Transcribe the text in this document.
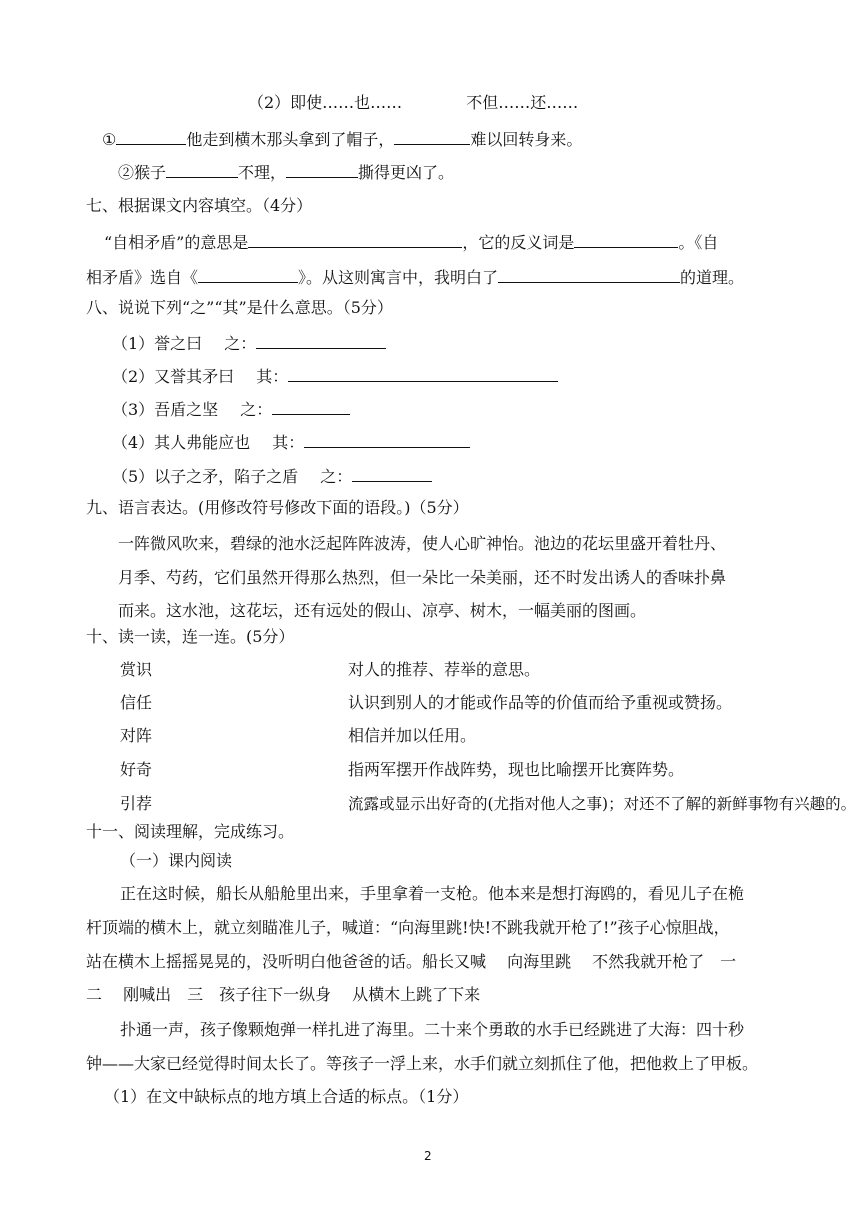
（2）即使……也……	不但……还……
①	他走到横木那头拿到了帽子，	难以回转身来。
②猴子	不理，	撕得更凶了。
七、根据课文内容填空。（4分）
“自相矛盾”的意思是	，它的反义词是	。《自
相矛盾》选自《	》。从这则寓言中，我明白了	的道理。
八、说说下列“之”“其”是什么意思。（5分）
（1）誉之曰 之：
（2）又誉其矛曰 其：
（3）吾盾之坚 之：
（4）其人弗能应也 其：
（5）以子之矛，陷子之盾 之：
九、语言表达。(用修改符号修改下面的语段。)（5分）
一阵微风吹来，碧绿的池水泛起阵阵波涛，使人心旷神怡。池边的花坛里盛开着牡丹、
月季、芍药，它们虽然开得那么热烈，但一朵比一朵美丽，还不时发出诱人的香味扑鼻
而来。这水池，这花坛，还有远处的假山、凉亭、树木，一幅美丽的图画。
十、读一读，连一连。(5分）
赏识	对人的推荐、荐举的意思。
信任	认识到别人的才能或作品等的价值而给予重视或赞扬。
对阵	相信并加以任用。
好奇	指两军摆开作战阵势，现也比喻摆开比赛阵势。
引荐	流露或显示出好奇的(尤指对他人之事)；对还不了解的新鲜事物有兴趣的。
十一、阅读理解，完成练习。
（一）课内阅读
正在这时候，船长从船舱里出来，手里拿着一支枪。他本来是想打海鸥的，看见儿子在桅
杆顶端的横木上，就立刻瞄准儿子，喊道：“向海里跳!快!不跳我就开枪了!”孩子心惊胆战，
站在横木上摇摇晃晃的，没听明白他爸爸的话。船长又喊　 向海里跳　 不然我就开枪了　一
二　 刚喊出　三　孩子往下一纵身　 从横木上跳了下来
扑通一声，孩子像颗炮弹一样扎进了海里。二十来个勇敢的水手已经跳进了大海：四十秒
钟——大家已经觉得时间太长了。等孩子一浮上来，水手们就立刻抓住了他，把他救上了甲板。
（1）在文中缺标点的地方填上合适的标点。（1分）
2
